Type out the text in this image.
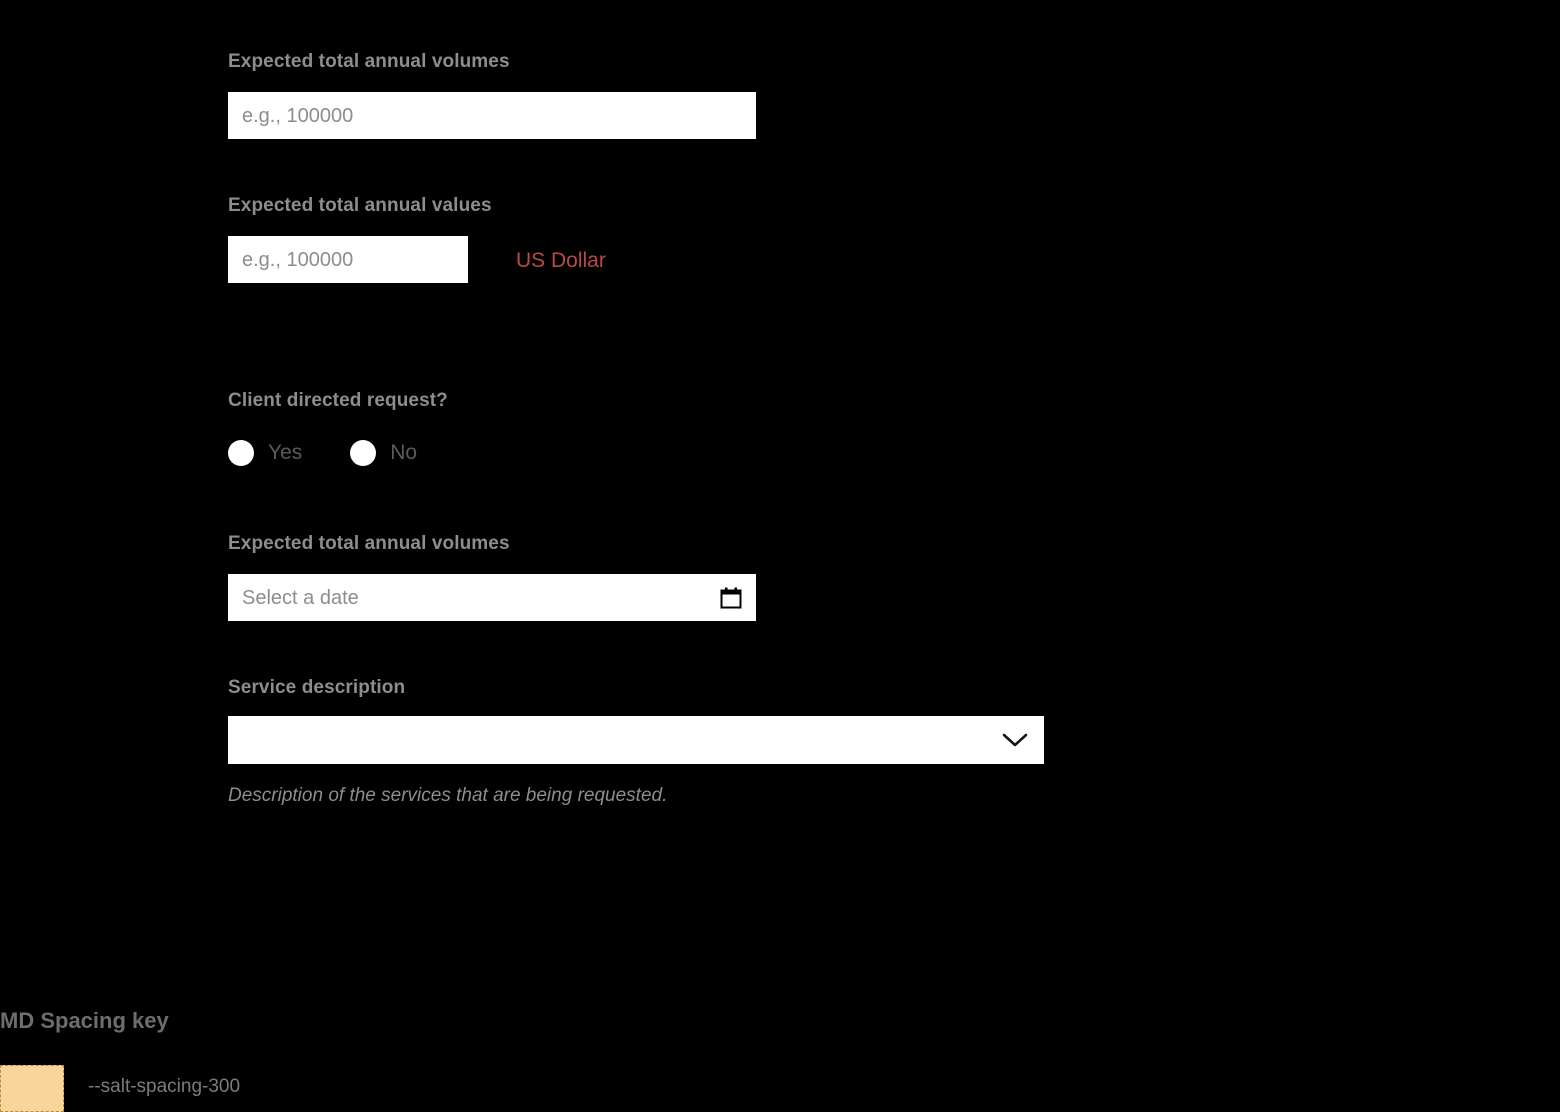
Expected total annual volumes
e.g., 100000
Expected total annual values
e.g., 100000	US Dollar
Client directed request?
Yes	No
Expected total annual volumes
Select a date
Service description
Description of the services that are being requested.
MD Spacing key
--salt-spacing-300
